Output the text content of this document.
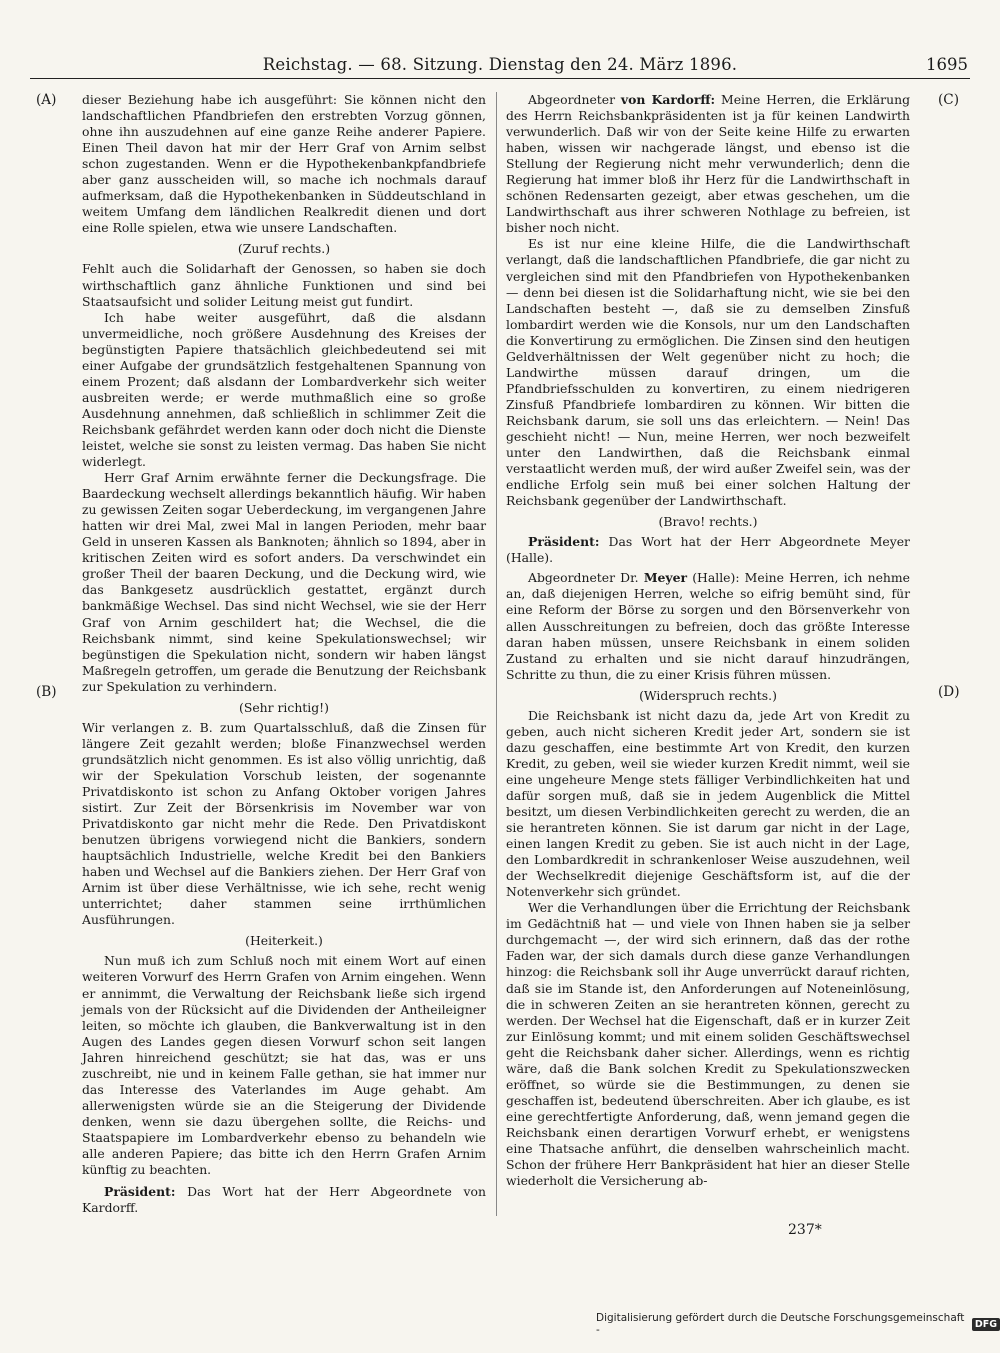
Reichstag. — 68. Sitzung. Dienstag den 24. März 1896.	1695
(A)
(B)
(C)
(D)

dieser Beziehung habe ich ausgeführt: Sie können nicht den landschaftlichen Pfandbriefen den erstrebten Vorzug gönnen, ohne ihn auszudehnen auf eine ganze Reihe anderer Papiere. Einen Theil davon hat mir der Herr Graf von Arnim selbst schon zugestanden. Wenn er die Hypothekenbankpfandbriefe aber ganz ausscheiden will, so mache ich nochmals darauf aufmerksam, daß die Hypothekenbanken in Süddeutschland in weitem Umfang dem ländlichen Realkredit dienen und dort eine Rolle spielen, etwa wie unsere Landschaften.

(Zuruf rechts.)

Fehlt auch die Solidarhaft der Genossen, so haben sie doch wirthschaftlich ganz ähnliche Funktionen und sind bei Staatsaufsicht und solider Leitung meist gut fundirt.

Ich habe weiter ausgeführt, daß die alsdann unvermeidliche, noch größere Ausdehnung des Kreises der begünstigten Papiere thatsächlich gleichbedeutend sei mit einer Aufgabe der grundsätzlich festgehaltenen Spannung von einem Prozent; daß alsdann der Lombardverkehr sich weiter ausbreiten werde; er werde muthmaßlich eine so große Ausdehnung annehmen, daß schließlich in schlimmer Zeit die Reichsbank gefährdet werden kann oder doch nicht die Dienste leistet, welche sie sonst zu leisten vermag. Das haben Sie nicht widerlegt.

Herr Graf Arnim erwähnte ferner die Deckungsfrage. Die Baardeckung wechselt allerdings bekanntlich häufig. Wir haben zu gewissen Zeiten sogar Ueberdeckung, im vergangenen Jahre hatten wir drei Mal, zwei Mal in langen Perioden, mehr baar Geld in unseren Kassen als Banknoten; ähnlich so 1894, aber in kritischen Zeiten wird es sofort anders. Da verschwindet ein großer Theil der baaren Deckung, und die Deckung wird, wie das Bankgesetz ausdrücklich gestattet, ergänzt durch bankmäßige Wechsel. Das sind nicht Wechsel, wie sie der Herr Graf von Arnim geschildert hat; die Wechsel, die die Reichsbank nimmt, sind keine Spekulationswechsel; wir begünstigen die Spekulation nicht, sondern wir haben längst Maßregeln getroffen, um gerade die Benutzung der Reichsbank zur Spekulation zu verhindern.

(Sehr richtig!)

Wir verlangen z. B. zum Quartalsschluß, daß die Zinsen für längere Zeit gezahlt werden; bloße Finanzwechsel werden grundsätzlich nicht genommen. Es ist also völlig unrichtig, daß wir der Spekulation Vorschub leisten, der sogenannte Privatdiskonto ist schon zu Anfang Oktober vorigen Jahres sistirt. Zur Zeit der Börsenkrisis im November war von Privatdiskonto gar nicht mehr die Rede. Den Privatdiskont benutzen übrigens vorwiegend nicht die Bankiers, sondern hauptsächlich Industrielle, welche Kredit bei den Bankiers haben und Wechsel auf die Bankiers ziehen. Der Herr Graf von Arnim ist über diese Verhältnisse, wie ich sehe, recht wenig unterrichtet; daher stammen seine irrthümlichen Ausführungen.

(Heiterkeit.)

Nun muß ich zum Schluß noch mit einem Wort auf einen weiteren Vorwurf des Herrn Grafen von Arnim eingehen. Wenn er annimmt, die Verwaltung der Reichsbank ließe sich irgend jemals von der Rücksicht auf die Dividenden der Antheileigner leiten, so möchte ich glauben, die Bankverwaltung ist in den Augen des Landes gegen diesen Vorwurf schon seit langen Jahren hinreichend geschützt; sie hat das, was er uns zuschreibt, nie und in keinem Falle gethan, sie hat immer nur das Interesse des Vaterlandes im Auge gehabt. Am allerwenigsten würde sie an die Steigerung der Dividende denken, wenn sie dazu übergehen sollte, die Reichs- und Staatspapiere im Lombardverkehr ebenso zu behandeln wie alle anderen Papiere; das bitte ich den Herrn Grafen Arnim künftig zu beachten.

Präsident: Das Wort hat der Herr Abgeordnete von Kardorff.

Abgeordneter von Kardorff: Meine Herren, die Erklärung des Herrn Reichsbankpräsidenten ist ja für keinen Landwirth verwunderlich. Daß wir von der Seite keine Hilfe zu erwarten haben, wissen wir nachgerade längst, und ebenso ist die Stellung der Regierung nicht mehr verwunderlich; denn die Regierung hat immer bloß ihr Herz für die Landwirthschaft in schönen Redensarten gezeigt, aber etwas geschehen, um die Landwirthschaft aus ihrer schweren Nothlage zu befreien, ist bisher noch nicht.

Es ist nur eine kleine Hilfe, die die Landwirthschaft verlangt, daß die landschaftlichen Pfandbriefe, die gar nicht zu vergleichen sind mit den Pfandbriefen von Hypothekenbanken — denn bei diesen ist die Solidarhaftung nicht, wie sie bei den Landschaften besteht —, daß sie zu demselben Zinsfuß lombardirt werden wie die Konsols, nur um den Landschaften die Konvertirung zu ermöglichen. Die Zinsen sind den heutigen Geldverhältnissen der Welt gegenüber nicht zu hoch; die Landwirthe müssen darauf dringen, um die Pfandbriefsschulden zu konvertiren, zu einem niedrigeren Zinsfuß Pfandbriefe lombardiren zu können. Wir bitten die Reichsbank darum, sie soll uns das erleichtern. — Nein! Das geschieht nicht! — Nun, meine Herren, wer noch bezweifelt unter den Landwirthen, daß die Reichsbank einmal verstaatlicht werden muß, der wird außer Zweifel sein, was der endliche Erfolg sein muß bei einer solchen Haltung der Reichsbank gegenüber der Landwirthschaft.

(Bravo! rechts.)

Präsident: Das Wort hat der Herr Abgeordnete Meyer (Halle).

Abgeordneter Dr. Meyer (Halle): Meine Herren, ich nehme an, daß diejenigen Herren, welche so eifrig bemüht sind, für eine Reform der Börse zu sorgen und den Börsenverkehr von allen Ausschreitungen zu befreien, doch das größte Interesse daran haben müssen, unsere Reichsbank in einem soliden Zustand zu erhalten und sie nicht darauf hinzudrängen, Schritte zu thun, die zu einer Krisis führen müssen.

(Widerspruch rechts.)

Die Reichsbank ist nicht dazu da, jede Art von Kredit zu geben, auch nicht sicheren Kredit jeder Art, sondern sie ist dazu geschaffen, eine bestimmte Art von Kredit, den kurzen Kredit, zu geben, weil sie wieder kurzen Kredit nimmt, weil sie eine ungeheure Menge stets fälliger Verbindlichkeiten hat und dafür sorgen muß, daß sie in jedem Augenblick die Mittel besitzt, um diesen Verbindlichkeiten gerecht zu werden, die an sie herantreten können. Sie ist darum gar nicht in der Lage, einen langen Kredit zu geben. Sie ist auch nicht in der Lage, den Lombardkredit in schrankenloser Weise auszudehnen, weil der Wechselkredit diejenige Geschäftsform ist, auf die der Notenverkehr sich gründet.

Wer die Verhandlungen über die Errichtung der Reichsbank im Gedächtniß hat — und viele von Ihnen haben sie ja selber durchgemacht —, der wird sich erinnern, daß das der rothe Faden war, der sich damals durch diese ganze Verhandlungen hinzog: die Reichsbank soll ihr Auge unverrückt darauf richten, daß sie im Stande ist, den Anforderungen auf Noteneinlösung, die in schweren Zeiten an sie herantreten können, gerecht zu werden. Der Wechsel hat die Eigenschaft, daß er in kurzer Zeit zur Einlösung kommt; und mit einem soliden Geschäftswechsel geht die Reichsbank daher sicher. Allerdings, wenn es richtig wäre, daß die Bank solchen Kredit zu Spekulationszwecken eröffnet, so würde sie die Bestimmungen, zu denen sie geschaffen ist, bedeutend überschreiten. Aber ich glaube, es ist eine gerechtfertigte Anforderung, daß, wenn jemand gegen die Reichsbank einen derartigen Vorwurf erhebt, er wenigstens eine Thatsache anführt, die denselben wahrscheinlich macht. Schon der frühere Herr Bankpräsident hat hier an dieser Stelle wiederholt die Versicherung ab-

237*
Digitalisierung gefördert durch die Deutsche Forschungsgemeinschaft -	DFG
